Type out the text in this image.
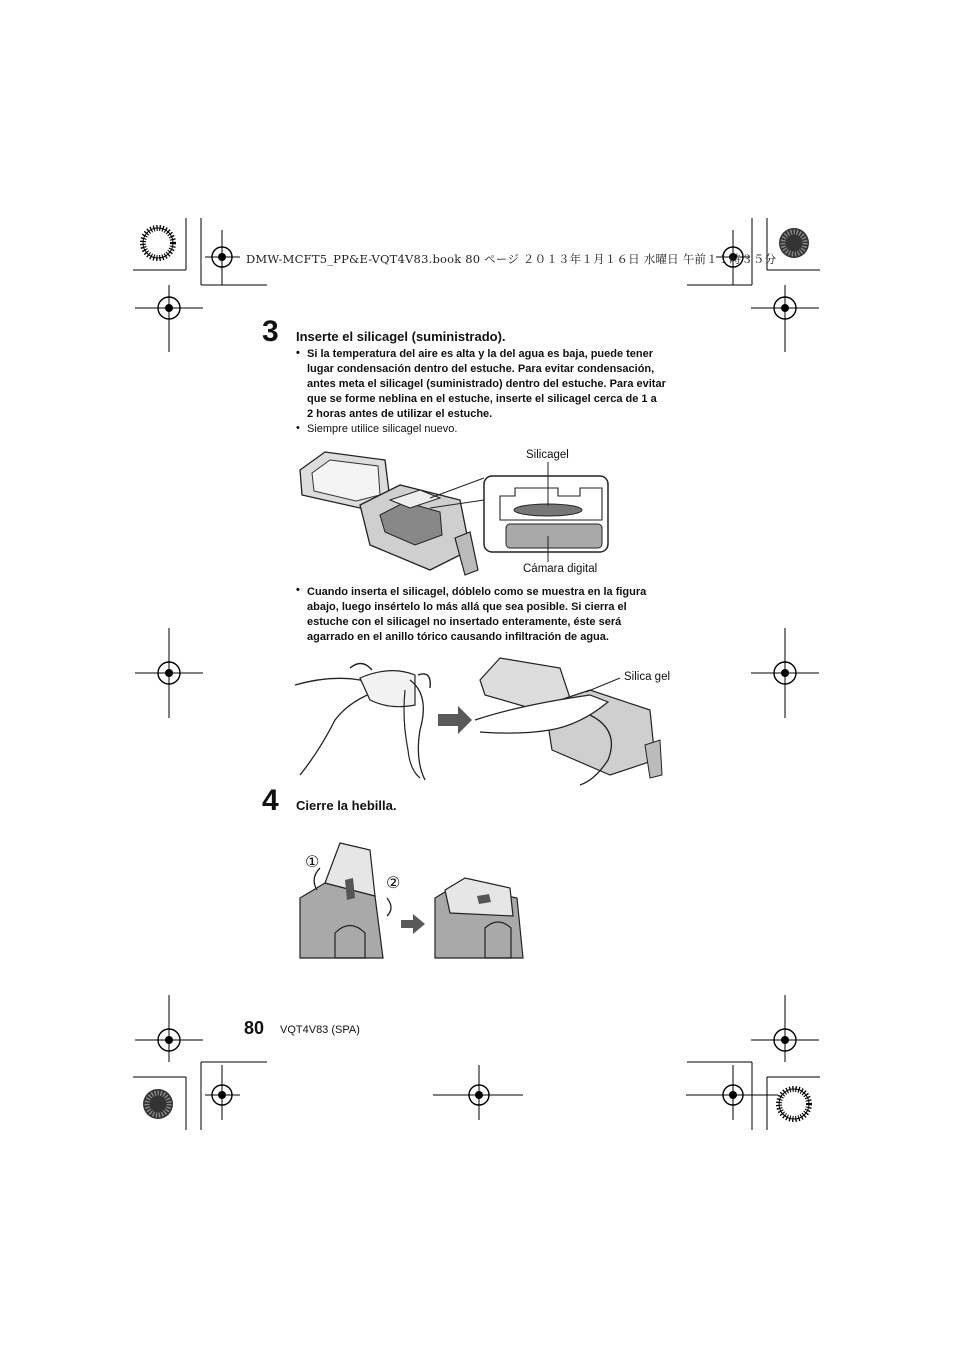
DMW-MCFT5_PP&E-VQT4V83.book 80 ページ ２０１３年１月１６日 水曜日 午前１１時３５分
3 Inserte el silicagel (suministrado).
• Si la temperatura del aire es alta y la del agua es baja, puede tener
lugar condensación dentro del estuche. Para evitar condensación,
antes meta el silicagel (suministrado) dentro del estuche. Para evitar
que se forme neblina en el estuche, inserte el silicagel cerca de 1 a
2 horas antes de utilizar el estuche.
• Siempre utilice silicagel nuevo.
Silicagel
Cámara digital
• Cuando inserta el silicagel, dóblelo como se muestra en la figura
abajo, luego insértelo lo más allá que sea posible. Si cierra el
estuche con el silicagel no insertado enteramente, éste será
agarrado en el anillo tórico causando infiltración de agua.
Silica gel
4 Cierre la hebilla.
①
②
80 VQT4V83 (SPA)
